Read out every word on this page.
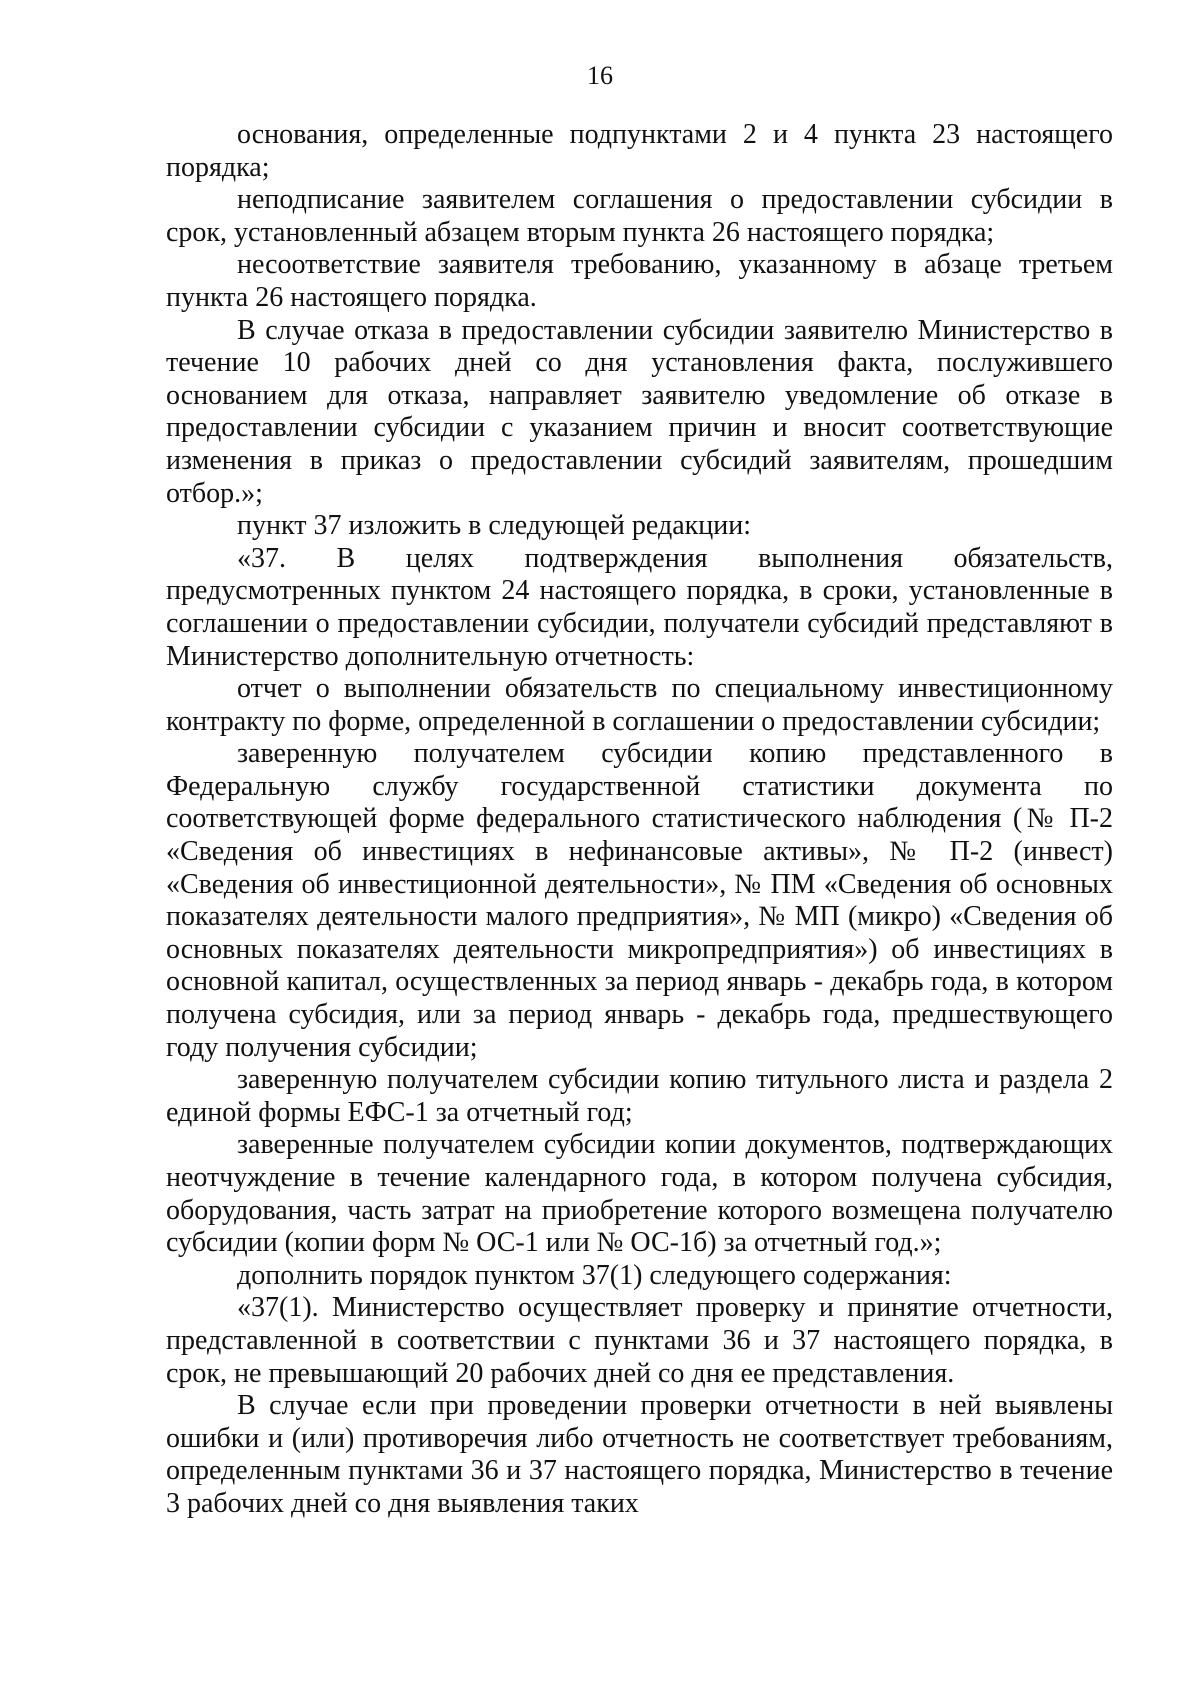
16

основания, определенные подпунктами 2 и 4 пункта 23 настоящего порядка;

неподписание заявителем соглашения о предоставлении субсидии в срок, установленный абзацем вторым пункта 26 настоящего порядка;

несоответствие заявителя требованию, указанному в абзаце третьем пункта 26 настоящего порядка.

В случае отказа в предоставлении субсидии заявителю Министерство в течение 10 рабочих дней со дня установления факта, послужившего основанием для отказа, направляет заявителю уведомление об отказе в предоставлении субсидии с указанием причин и вносит соответствующие изменения в приказ о предоставлении субсидий заявителям, прошедшим отбор.»;

пункт 37 изложить в следующей редакции:

«37. В целях подтверждения выполнения обязательств, предусмотренных пунктом 24 настоящего порядка, в сроки, установленные в соглашении о предоставлении субсидии, получатели субсидий представляют в Министерство дополнительную отчетность:

отчет о выполнении обязательств по специальному инвестиционному контракту по форме, определенной в соглашении о предоставлении субсидии;

заверенную получателем субсидии копию представленного в Федеральную службу государственной статистики документа по соответствующей форме федерального статистического наблюдения (№ П-2 «Сведения об инвестициях в нефинансовые активы», № П-2 (инвест) «Сведения об инвестиционной деятельности», № ПМ «Сведения об основных показателях деятельности малого предприятия», № МП (микро) «Сведения об основных показателях деятельности микропредприятия») об инвестициях в основной капитал, осуществленных за период январь - декабрь года, в котором получена субсидия, или за период январь - декабрь года, предшествующего году получения субсидии;

заверенную получателем субсидии копию титульного листа и раздела 2 единой формы ЕФС-1 за отчетный год;

заверенные получателем субсидии копии документов, подтверждающих неотчуждение в течение календарного года, в котором получена субсидия, оборудования, часть затрат на приобретение которого возмещена получателю субсидии (копии форм № ОС-1 или № ОС-1б) за отчетный год.»;

дополнить порядок пунктом 37(1) следующего содержания:

«37(1). Министерство осуществляет проверку и принятие отчетности, представленной в соответствии с пунктами 36 и 37 настоящего порядка, в срок, не превышающий 20 рабочих дней со дня ее представления.

В случае если при проведении проверки отчетности в ней выявлены ошибки и (или) противоречия либо отчетность не соответствует требованиям, определенным пунктами 36 и 37 настоящего порядка, Министерство в течение 3 рабочих дней со дня выявления таких
